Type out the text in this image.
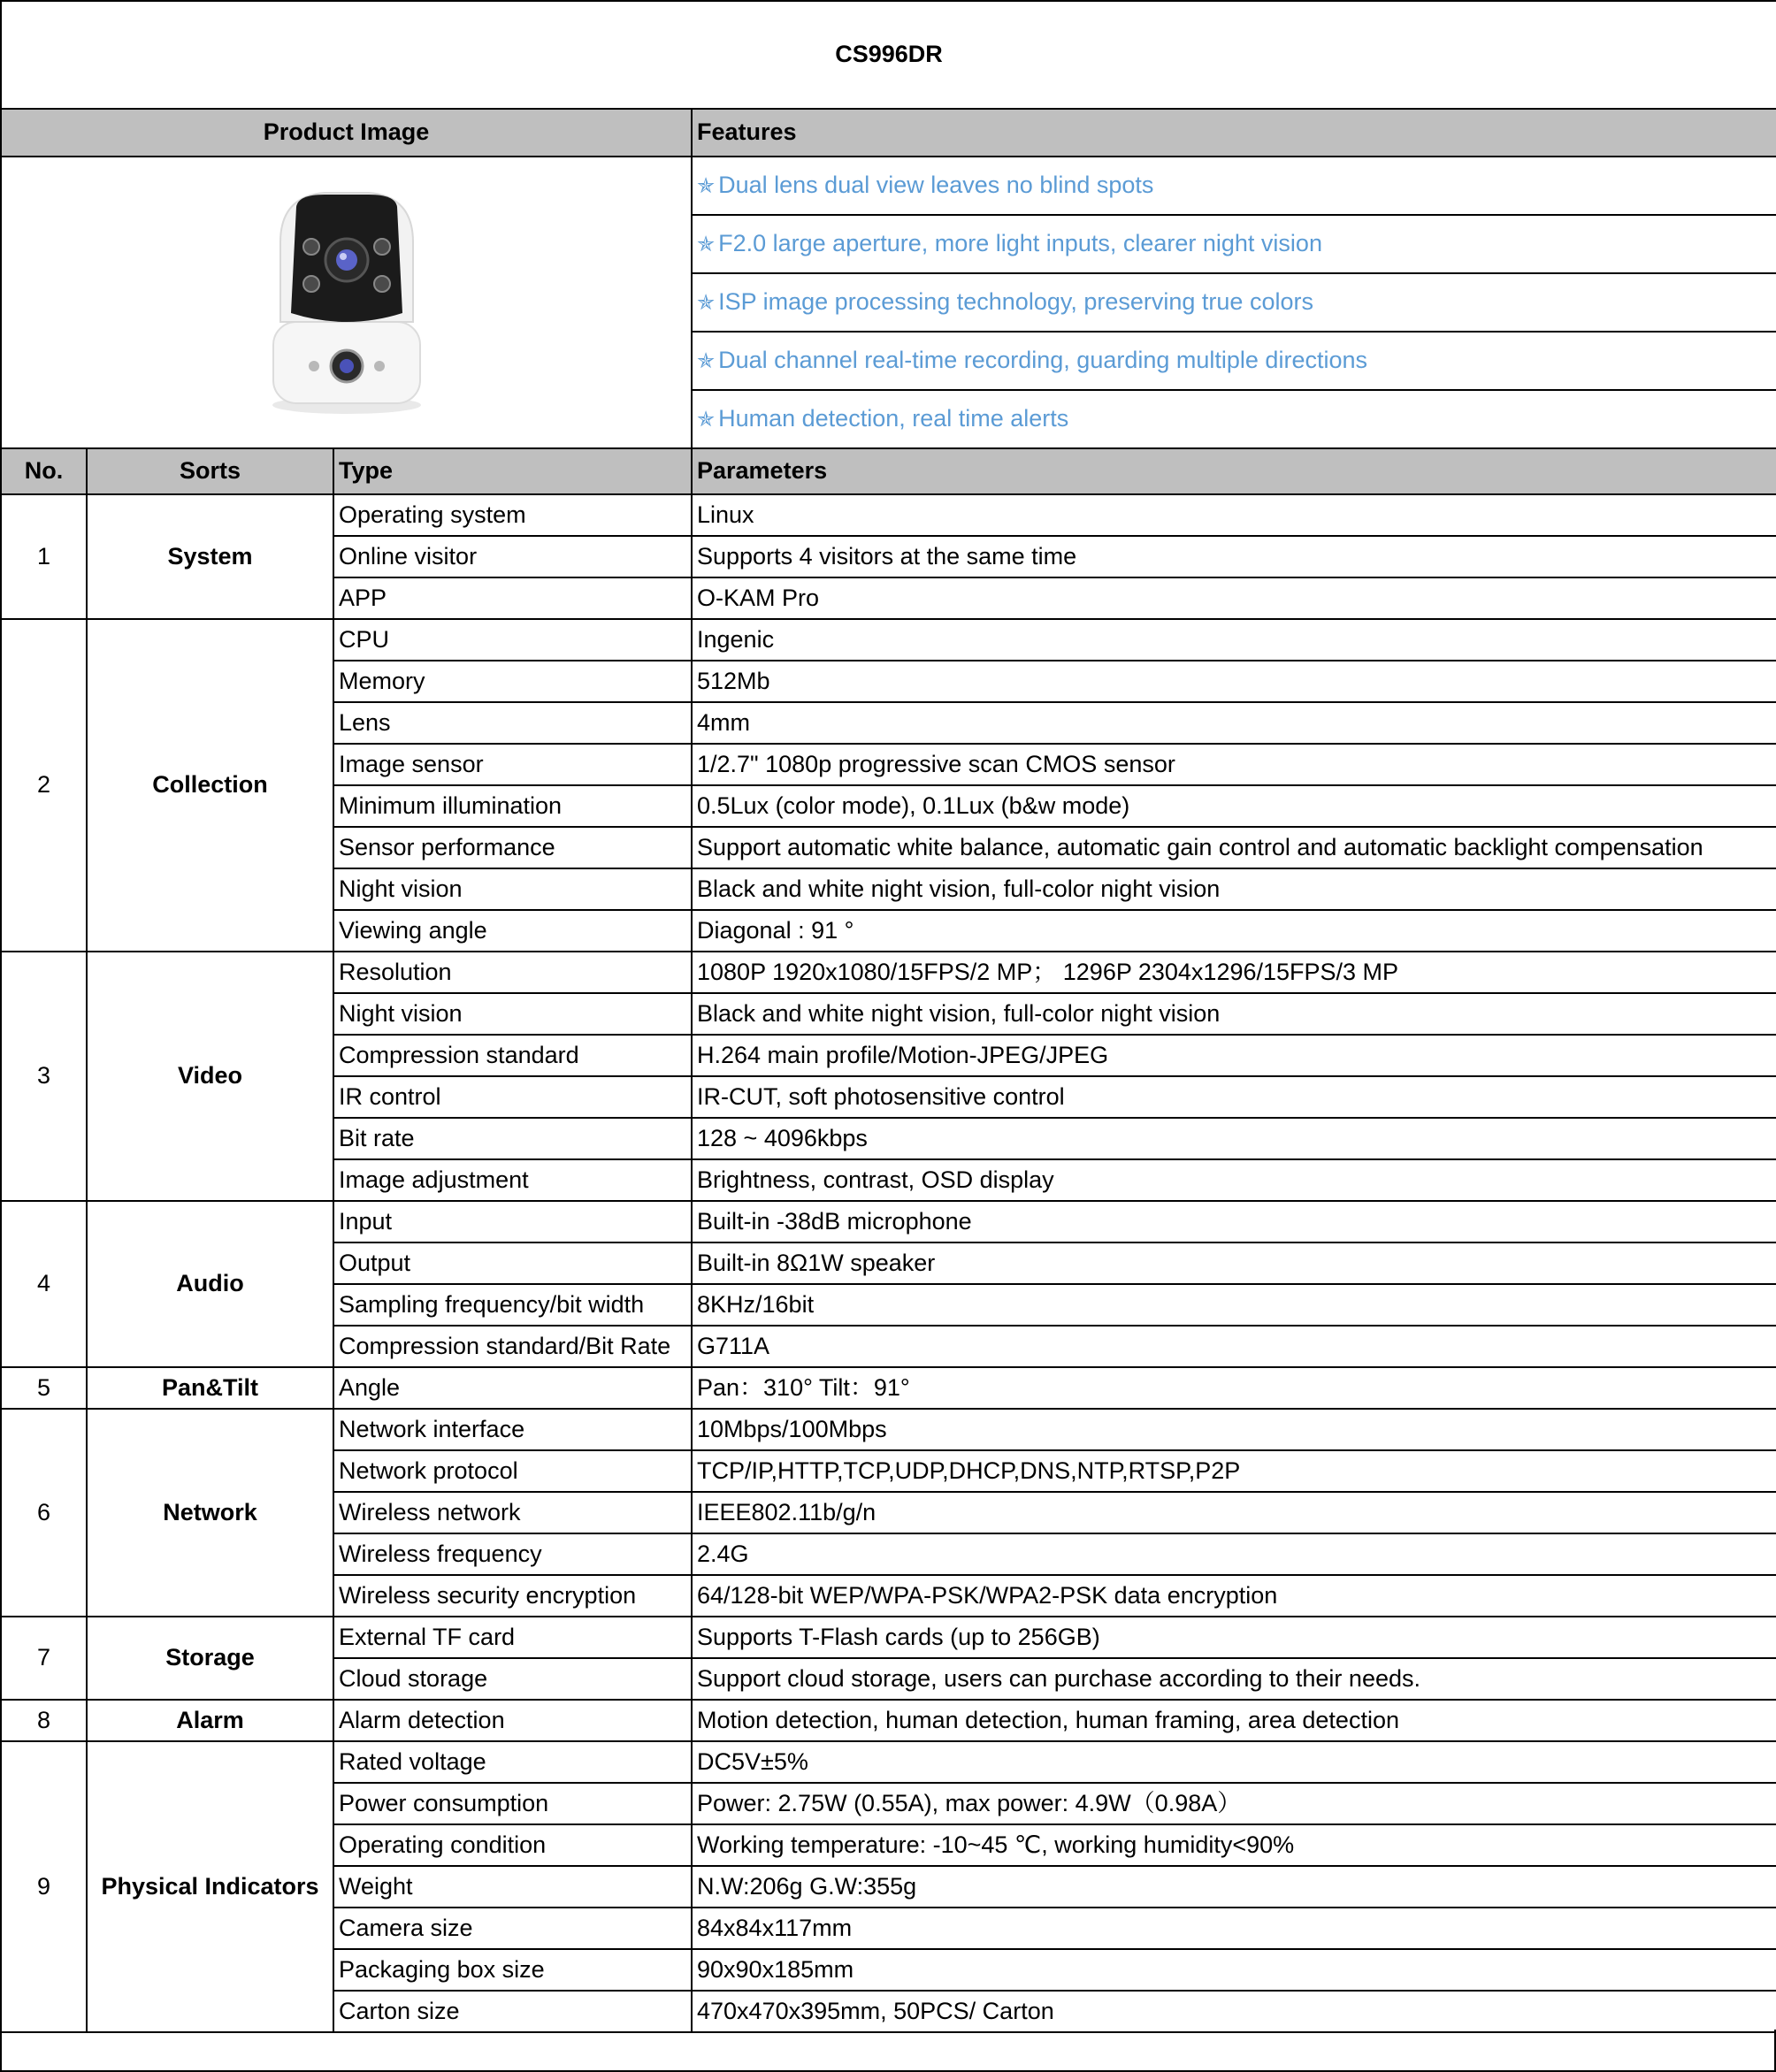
CS996DR			
Product Image			Features

	✯ Dual lens dual view leaves no blind spots
			✯ F2.0 large aperture, more light inputs, clearer night vision
			✯ ISP image processing technology, preserving true colors
			✯ Dual channel real-time recording, guarding multiple directions
			✯ Human detection, real time alerts
No.	Sorts	Type	Parameters
1	System	Operating system	Linux
		Online visitor	Supports 4 visitors at the same time
		APP	O-KAM Pro
2	Collection	CPU	Ingenic
		Memory	512Mb
		Lens	4mm
		Image sensor	1/2.7" 1080p progressive scan CMOS sensor
		Minimum illumination	0.5Lux (color mode), 0.1Lux (b&w mode)
		Sensor performance	Support automatic white balance, automatic gain control and automatic backlight compensation
		Night vision	Black and white night vision, full-color night vision
		Viewing angle	Diagonal : 91 °
3	Video	Resolution	1080P 1920x1080/15FPS/2 MP； 1296P 2304x1296/15FPS/3 MP
		Night vision	Black and white night vision, full-color night vision
		Compression standard	H.264 main profile/Motion-JPEG/JPEG
		IR control	IR-CUT, soft photosensitive control
		Bit rate	128 ~ 4096kbps
		Image adjustment	Brightness, contrast, OSD display
4	Audio	Input	Built-in -38dB microphone
		Output	Built-in 8Ω1W speaker
		Sampling frequency/bit width	8KHz/16bit
		Compression standard/Bit Rate	G711A
5	Pan&Tilt	Angle	Pan：310° Tilt：91°
6	Network	Network interface	10Mbps/100Mbps
		Network protocol	TCP/IP,HTTP,TCP,UDP,DHCP,DNS,NTP,RTSP,P2P
		Wireless network	IEEE802.11b/g/n
		Wireless frequency	2.4G
		Wireless security encryption	64/128-bit WEP/WPA-PSK/WPA2-PSK data encryption
7	Storage	External TF card	Supports T-Flash cards (up to 256GB)
		Cloud storage	Support cloud storage, users can purchase according to their needs.
8	Alarm	Alarm detection	Motion detection, human detection, human framing, area detection
9	Physical Indicators	Rated voltage	DC5V±5%
		Power consumption	Power: 2.75W (0.55A), max power: 4.9W（0.98A）
		Operating condition	Working temperature: -10~45 ℃, working humidity<90%
		Weight	N.W:206g G.W:355g
		Camera size	84x84x117mm
		Packaging box size	90x90x185mm
		Carton size	470x470x395mm, 50PCS/ Carton
